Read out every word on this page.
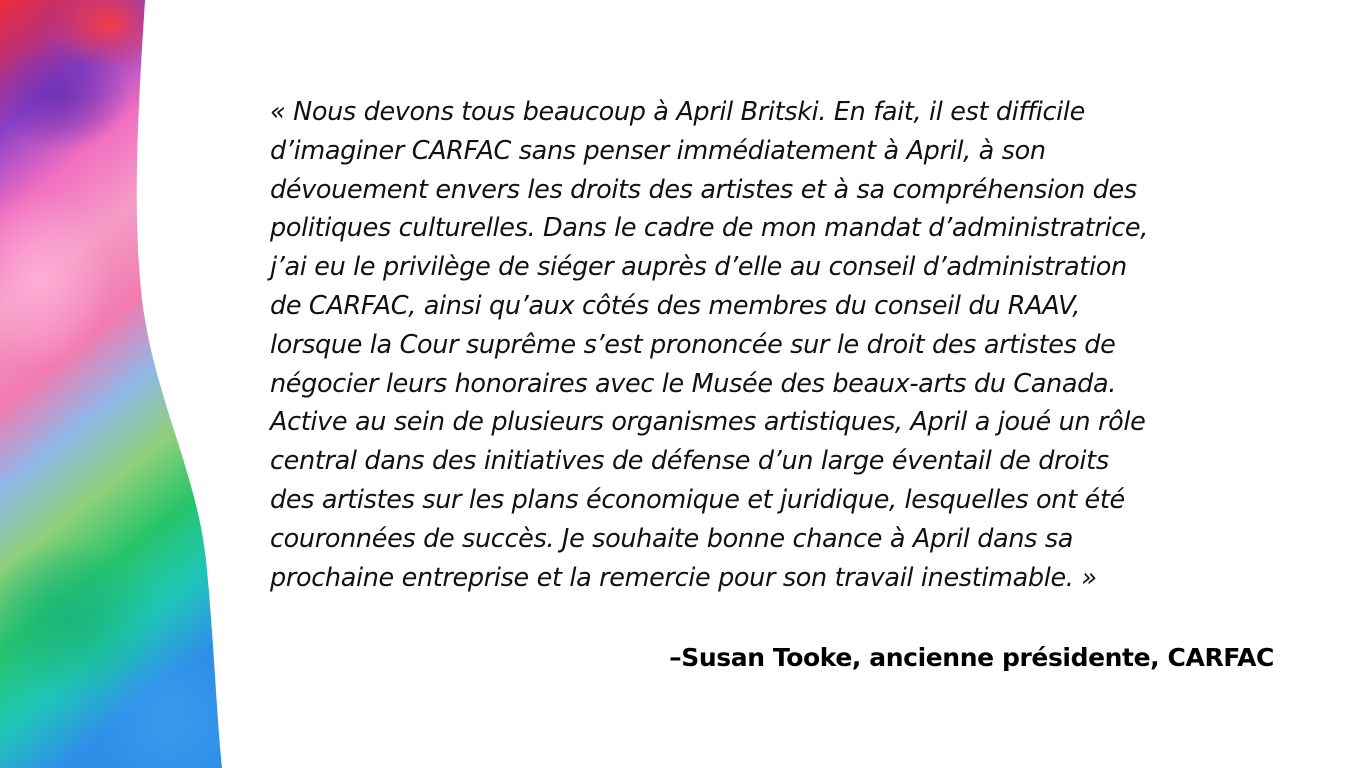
« Nous devons tous beaucoup à April Britski. En fait, il est difficile
d’imaginer CARFAC sans penser immédiatement à April, à son
dévouement envers les droits des artistes et à sa compréhension des
politiques culturelles. Dans le cadre de mon mandat d’administratrice,
j’ai eu le privilège de siéger auprès d’elle au conseil d’administration
de CARFAC, ainsi qu’aux côtés des membres du conseil du RAAV,
lorsque la Cour suprême s’est prononcée sur le droit des artistes de
négocier leurs honoraires avec le Musée des beaux-arts du Canada.
Active au sein de plusieurs organismes artistiques, April a joué un rôle
central dans des initiatives de défense d’un large éventail de droits
des artistes sur les plans économique et juridique, lesquelles ont été
couronnées de succès. Je souhaite bonne chance à April dans sa
prochaine entreprise et la remercie pour son travail inestimable. »

–Susan Tooke, ancienne présidente, CARFAC
